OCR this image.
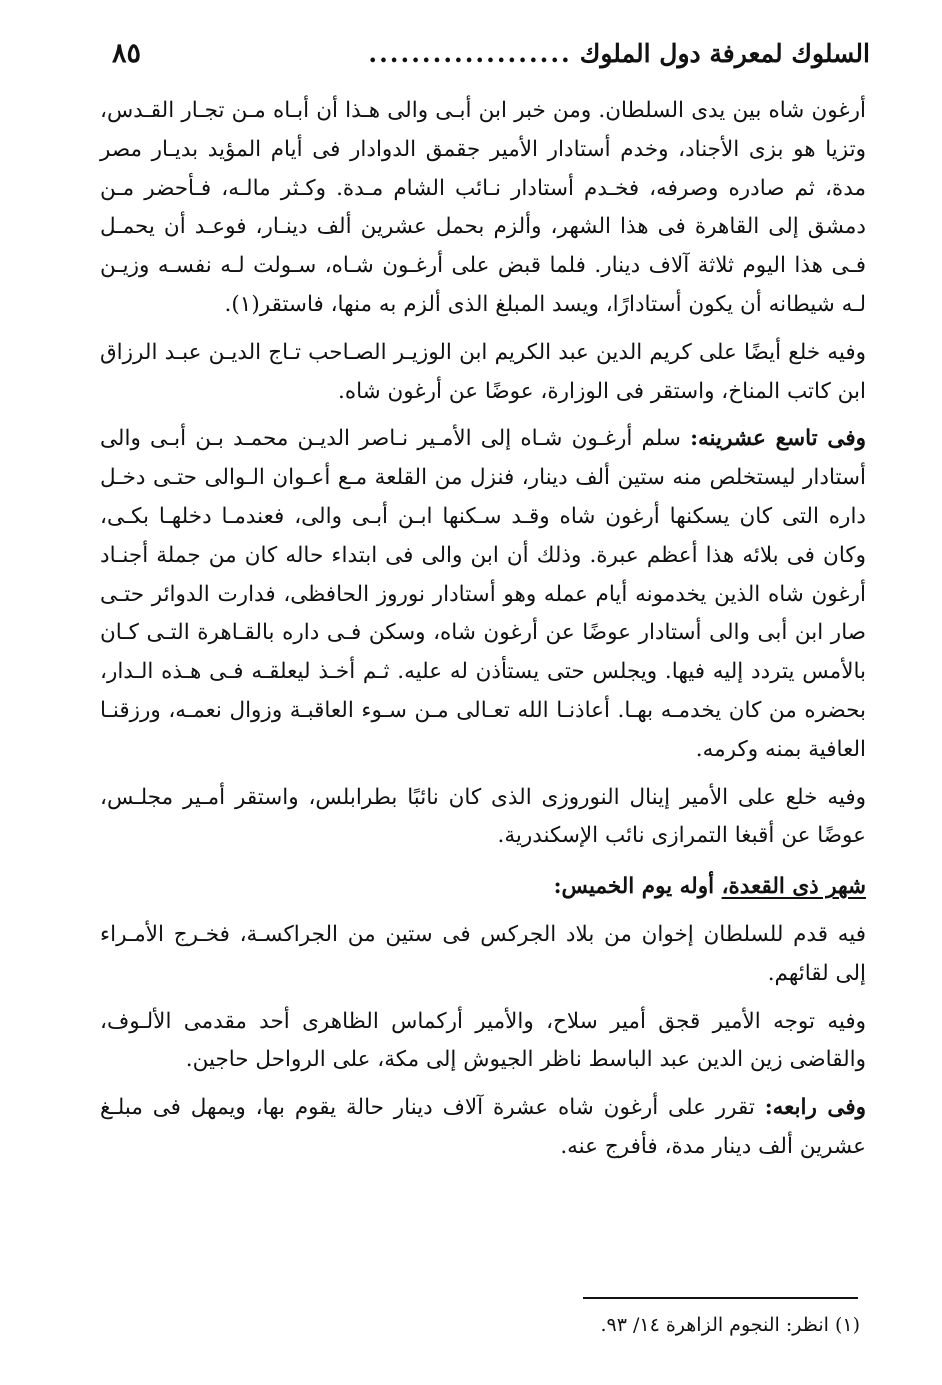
السلوك لمعرفة دول الملوك
...................
٨٥

أرغون شاه بين يدى السلطان. ومن خبر ابن أبـى والى هـذا أن أبـاه مـن تجـار القـدس، وتزيا هو بزى الأجناد، وخدم أستادار الأمير جقمق الدوادار فى أيام المؤيد بديـار مصر مدة، ثم صادره وصرفه، فخـدم أستادار نـائب الشام مـدة. وكـثر مالـه، فـأحضر مـن دمشق إلى القاهرة فى هذا الشهر، وألزم بحمل عشرين ألف دينـار، فوعـد أن يحمـل فـى هذا اليوم ثلاثة آلاف دينار. فلما قبض على أرغـون شـاه، سـولت لـه نفسـه وزيـن لـه شيطانه أن يكون أستادارًا، ويسد المبلغ الذى ألزم به منها، فاستقر(١).

وفيه خلع أيضًا على كريم الدين عبد الكريم ابن الوزيـر الصـاحب تـاج الديـن عبـد الرزاق ابن كاتب المناخ، واستقر فى الوزارة، عوضًا عن أرغون شاه.

وفى تاسع عشرينه: سلم أرغـون شـاه إلى الأمـير نـاصر الديـن محمـد بـن أبـى والى أستادار ليستخلص منه ستين ألف دينار، فنزل من القلعة مـع أعـوان الـوالى حتـى دخـل داره التى كان يسكنها أرغون شاه وقـد سـكنها ابـن أبـى والى، فعندمـا دخلهـا بكـى، وكان فى بلائه هذا أعظم عبرة. وذلك أن ابن والى فى ابتداء حاله كان من جملة أجنـاد أرغون شاه الذين يخدمونه أيام عمله وهو أستادار نوروز الحافظى، فدارت الدوائر حتـى صار ابن أبى والى أستادار عوضًا عن أرغون شاه، وسكن فـى داره بالقـاهرة التـى كـان بالأمس يتردد إليه فيها. ويجلس حتى يستأذن له عليه. ثـم أخـذ ليعلقـه فـى هـذه الـدار، بحضره من كان يخدمـه بهـا. أعاذنـا الله تعـالى مـن سـوء العاقبـة وزوال نعمـه، ورزقنـا العافية بمنه وكرمه.

وفيه خلع على الأمير إينال النوروزى الذى كان نائبًا بطرابلس، واستقر أمـير مجلـس، عوضًا عن أقبغا التمرازى نائب الإسكندرية.

شهر ذى القعدة، أوله يوم الخميس:

فيه قدم للسلطان إخوان من بلاد الجركس فى ستين من الجراكسـة، فخـرج الأمـراء إلى لقائهم.

وفيه توجه الأمير قجق أمير سلاح، والأمير أركماس الظاهرى أحد مقدمى الألـوف، والقاضى زين الدين عبد الباسط ناظر الجيوش إلى مكة، على الرواحل حاجين.

وفى رابعه: تقرر على أرغون شاه عشرة آلاف دينار حالة يقوم بها، ويمهل فى مبلـغ عشرين ألف دينار مدة، فأفرج عنه.

(١) انظر: النجوم الزاهرة ١٤/ ٩٣.
